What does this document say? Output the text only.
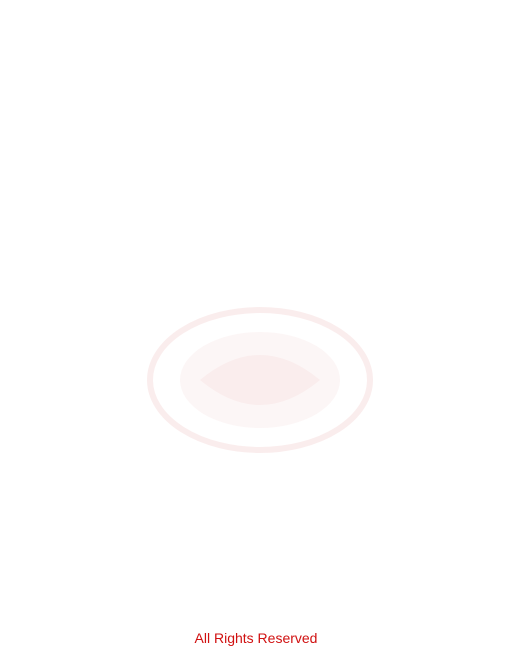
All Rights Reserved
